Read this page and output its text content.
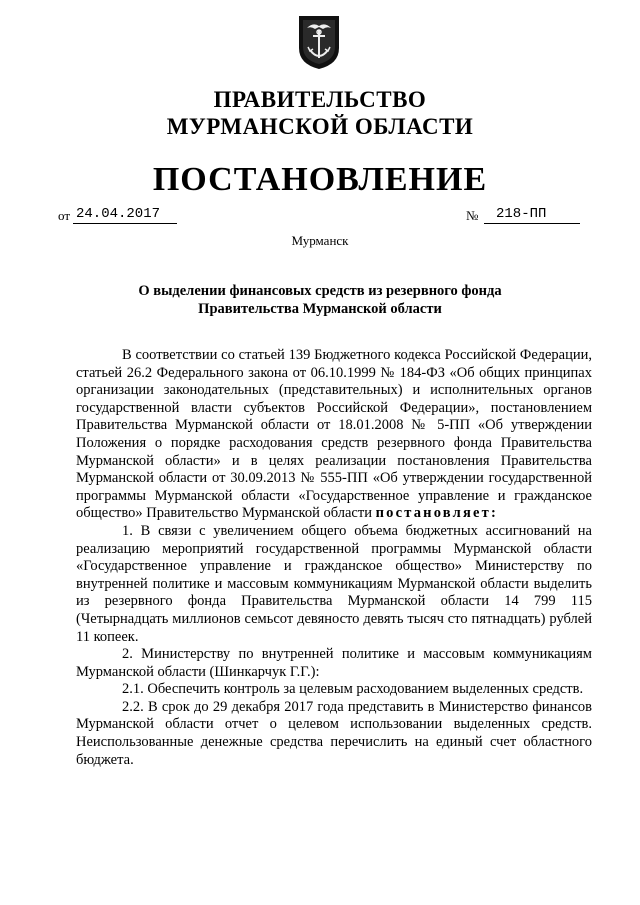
ПРАВИТЕЛЬСТВО
МУРМАНСКОЙ ОБЛАСТИ
ПОСТАНОВЛЕНИЕ
от 24.04.2017	№	218-ПП
Мурманск
О выделении финансовых средств из резервного фонда
Правительства Мурманской области

В соответствии со статьей 139 Бюджетного кодекса Российской Федерации, статьей 26.2 Федерального закона от 06.10.1999 № 184-ФЗ «Об общих принципах организации законодательных (представительных) и исполнительных органов государственной власти субъектов Российской Федерации», постановлением Правительства Мурманской области от 18.01.2008 № 5-ПП «Об утверждении Положения о порядке расходования средств резервного фонда Правительства Мурманской области» и в целях реализации постановления Правительства Мурманской области от 30.09.2013 № 555-ПП «Об утверждении государственной программы Мурманской области «Государственное управление и гражданское общество» Правительство Мурманской области постановляет:

1. В связи с увеличением общего объема бюджетных ассигнований на реализацию мероприятий государственной программы Мурманской области «Государственное управление и гражданское общество» Министерству по внутренней политике и массовым коммуникациям Мурманской области выделить из резервного фонда Правительства Мурманской области 14 799 115 (Четырнадцать миллионов семьсот девяносто девять тысяч сто пятнадцать) рублей 11 копеек.

2. Министерству по внутренней политике и массовым коммуникациям Мурманской области (Шинкарчук Г.Г.):

2.1. Обеспечить контроль за целевым расходованием выделенных средств.

2.2. В срок до 29 декабря 2017 года представить в Министерство финансов Мурманской области отчет о целевом использовании выделенных средств. Неиспользованные денежные средства перечислить на единый счет областного бюджета.
